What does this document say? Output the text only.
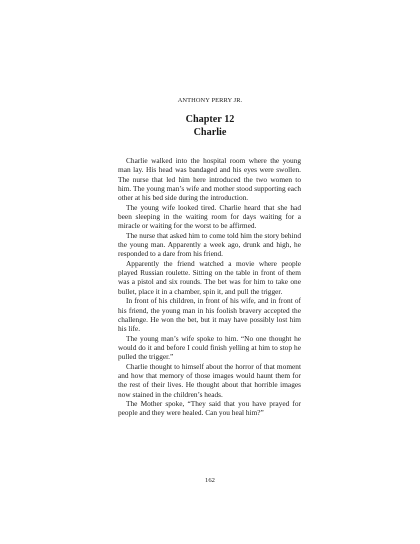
ANTHONY PERRY JR.
Chapter 12
Charlie

Charlie walked into the hospital room where the young man lay. His head was bandaged and his eyes were swollen. The nurse that led him here introduced the two women to him. The young man’s wife and mother stood supporting each other at his bed side during the introduction.

The young wife looked tired. Charlie heard that she had been sleeping in the waiting room for days waiting for a miracle or waiting for the worst to be affirmed.

The nurse that asked him to come told him the story behind the young man. Apparently a week ago, drunk and high, he responded to a dare from his friend.

Apparently the friend watched a movie where people played Russian roulette. Sitting on the table in front of them was a pistol and six rounds. The bet was for him to take one bullet, place it in a chamber, spin it, and pull the trigger.

In front of his children, in front of his wife, and in front of his friend, the young man in his foolish bravery accepted the challenge. He won the bet, but it may have possibly lost him his life.

The young man’s wife spoke to him. “No one thought he would do it and before I could finish yelling at him to stop he pulled the trigger.”

Charlie thought to himself about the horror of that moment and how that memory of those images would haunt them for the rest of their lives. He thought about that horrible images now stained in the children’s heads.

The Mother spoke, “They said that you have prayed for people and they were healed. Can you heal him?”

162
